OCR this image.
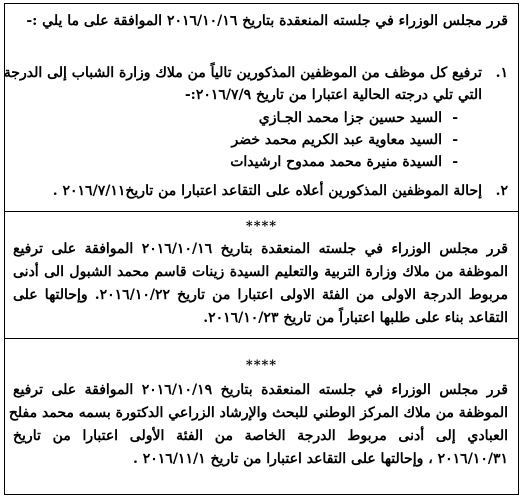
قرر مجلس الوزراء في جلسته المنعقدة بتاريخ ٢٠١٦/١٠/١٦ الموافقة على ما يلي :-
.١
ترفيع كل موظف من الموظفين المذكورين تالياً من ملاك وزارة الشباب إلى الدرجة
التي تلي درجته الحالية اعتبارا من تاريخ ٢٠١٦/٧/٩:-
-
السيد حسين جزا محمد الجـازي
-
السيد معاوية عبد الكريم محمد خضر
-
السيدة منيرة محمد ممدوح ارشيدات
.٢
إحالة الموظفين المذكورين أعلاه على التقاعد اعتبارا من تاريخ٢٠١٦/٧/١١ .
****
قرر مجلس الوزراء في جلسته المنعقدة بتاريخ ٢٠١٦/١٠/١٦ الموافقة على ترفيع
الموظفة من ملاك وزارة التربية والتعليم السيدة زينات قاسم محمد الشبول الى أدنى
مربوط الدرجة الاولى من الفئة الاولى اعتبارا من تاريخ ٢٠١٦/١٠/٢٢. وإحالتها على
التقاعد بناء على طلبها اعتباراً من تاريخ ٢٠١٦/١٠/٢٣.
****
قرر مجلس الوزراء في جلسته المنعقدة بتاريخ ٢٠١٦/١٠/١٩ الموافقة على ترفيع
الموظفة من ملاك المركز الوطني للبحث والإرشاد الزراعي الدكتورة بسمه محمد مفلح
العبادي إلى أدنى مربوط الدرجة الخاصة من الفئة الأولى اعتبارا من تاريخ
٢٠١٦/١٠/٣١ ، وإحالتها على التقاعد اعتبارا من تاريخ ٢٠١٦/١١/١ .
